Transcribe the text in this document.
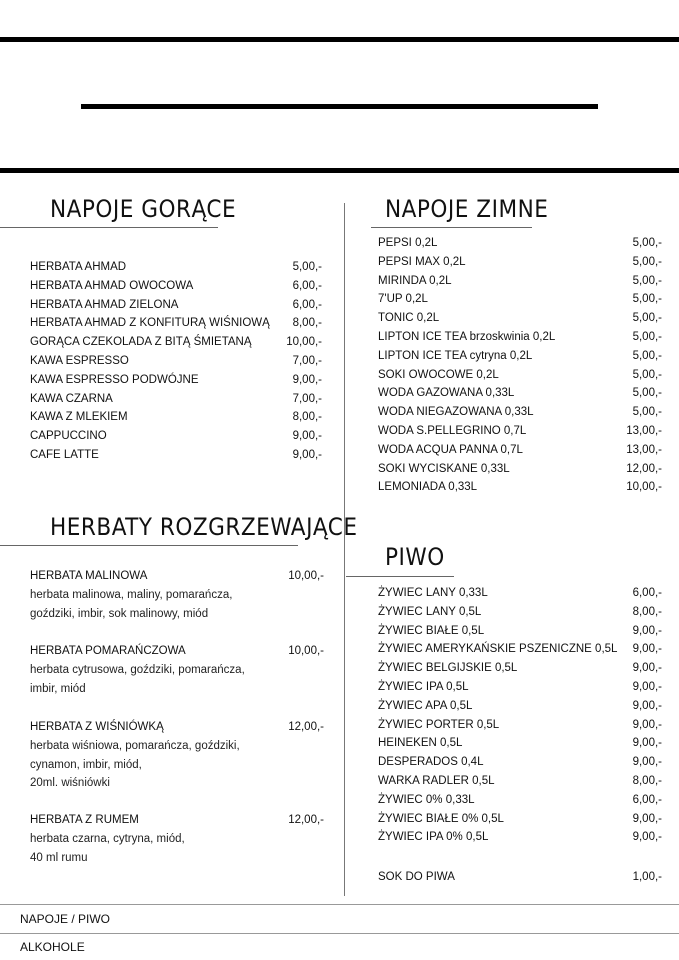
NAPOJE GORĄCE
HERBATA AHMAD	5,00,-
HERBATA AHMAD OWOCOWA	6,00,-
HERBATA AHMAD ZIELONA	6,00,-
HERBATA AHMAD Z KONFITURĄ WIŚNIOWĄ 8,00,-
GORĄCA CZEKOLADA Z BITĄ ŚMIETANĄ	10,00,-
KAWA ESPRESSO	7,00,-
KAWA ESPRESSO PODWÓJNE	9,00,-
KAWA CZARNA	7,00,-
KAWA Z MLEKIEM	8,00,-
CAPPUCCINO	9,00,-
CAFE LATTE	9,00,-
HERBATY ROZGRZEWAJĄCE
HERBATA MALINOWA	10,00,-
herbata malinowa, maliny, pomarańcza,
goździki, imbir, sok malinowy, miód
HERBATA POMARAŃCZOWA	10,00,-
herbata cytrusowa, goździki, pomarańcza,
imbir, miód
HERBATA Z WIŚNIÓWKĄ	12,00,-
herbata wiśniowa, pomarańcza, goździki,
cynamon, imbir, miód,
20ml. wiśniówki
HERBATA Z RUMEM	12,00,-
herbata czarna, cytryna, miód,
40 ml rumu
NAPOJE ZIMNE
PEPSI 0,2L	5,00,-
PEPSI MAX 0,2L	5,00,-
MIRINDA 0,2L	5,00,-
7'UP 0,2L	5,00,-
TONIC 0,2L	5,00,-
LIPTON ICE TEA brzoskwinia 0,2L	5,00,-
LIPTON ICE TEA cytryna 0,2L	5,00,-
SOKI OWOCOWE 0,2L	5,00,-
WODA GAZOWANA 0,33L	5,00,-
WODA NIEGAZOWANA 0,33L	5,00,-
WODA S.PELLEGRINO 0,7L	13,00,-
WODA ACQUA PANNA 0,7L	13,00,-
SOKI WYCISKANE 0,33L	12,00,-
LEMONIADA 0,33L	10,00,-
PIWO
ŻYWIEC LANY 0,33L	6,00,-
ŻYWIEC LANY 0,5L	8,00,-
ŻYWIEC BIAŁE 0,5L	9,00,-
ŻYWIEC AMERYKAŃSKIE PSZENICZNE 0,5L 9,00,-
ŻYWIEC BELGIJSKIE 0,5L	9,00,-
ŻYWIEC IPA 0,5L	9,00,-
ŻYWIEC APA 0,5L	9,00,-
ŻYWIEC PORTER 0,5L	9,00,-
HEINEKEN 0,5L	9,00,-
DESPERADOS 0,4L	9,00,-
WARKA RADLER 0,5L	8,00,-
ŻYWIEC 0% 0,33L	6,00,-
ŻYWIEC BIAŁE 0% 0,5L	9,00,-
ŻYWIEC IPA 0% 0,5L	9,00,-
SOK DO PIWA	1,00,-
NAPOJE / PIWO
ALKOHOLE
